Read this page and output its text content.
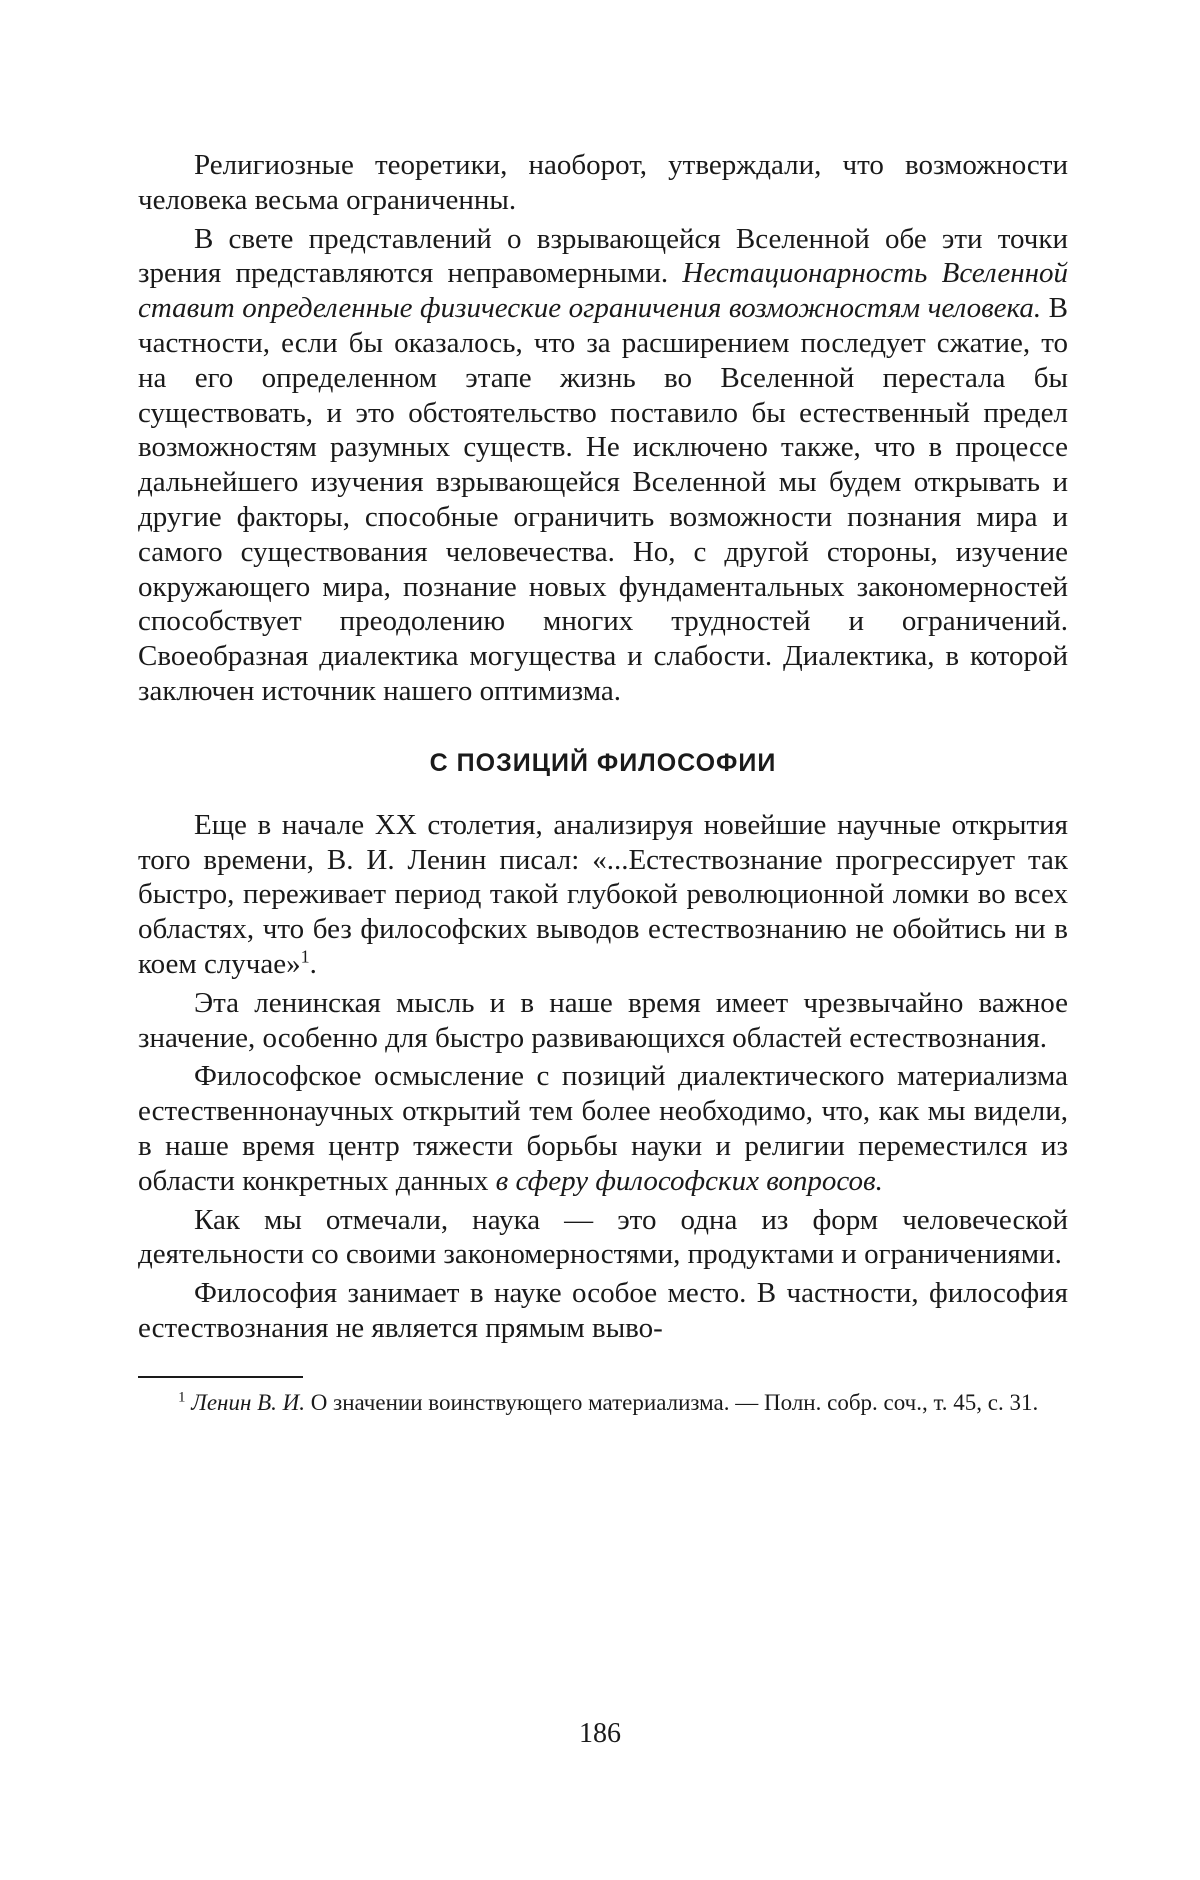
Религиозные теоретики, наоборот, утверждали, что возможности человека весьма ограниченны.

В свете представлений о взрывающейся Вселенной обе эти точки зрения представляются неправомерными. Нестационарность Вселенной ставит определенные физические ограничения возможностям человека. В частности, если бы оказалось, что за расширением последует сжатие, то на его определенном этапе жизнь во Вселенной перестала бы существовать, и это обстоятельство поставило бы естественный предел возможностям разумных существ. Не исключено также, что в процессе дальнейшего изучения взрывающейся Вселенной мы будем открывать и другие факторы, способные ограничить возможности познания мира и самого существования человечества. Но, с другой стороны, изучение окружающего мира, познание новых фундаментальных закономерностей способствует преодолению многих трудностей и ограничений. Своеобразная диалектика могущества и слабости. Диалектика, в которой заключен источник нашего оптимизма.

С ПОЗИЦИЙ ФИЛОСОФИИ

Еще в начале XX столетия, анализируя новейшие научные открытия того времени, В. И. Ленин писал: «...Естествознание прогрессирует так быстро, переживает период такой глубокой революционной ломки во всех областях, что без философских выводов естествознанию не обойтись ни в коем случае»$^1$.

Эта ленинская мысль и в наше время имеет чрезвычайно важное значение, особенно для быстро развивающихся областей естествознания.

Философское осмысление с позиций диалектического материализма естественнонаучных открытий тем более необходимо, что, как мы видели, в наше время центр тяжести борьбы науки и религии переместился из области конкретных данных в сферу философских вопросов.

Как мы отмечали, наука — это одна из форм человеческой деятельности со своими закономерностями, продуктами и ограничениями.

Философия занимает в науке особое место. В частности, философия естествознания не является прямым выво-

$^1$ Ленин В. И. О значении воинствующего материализма. — Полн. собр. соч., т. 45, с. 31.
186
